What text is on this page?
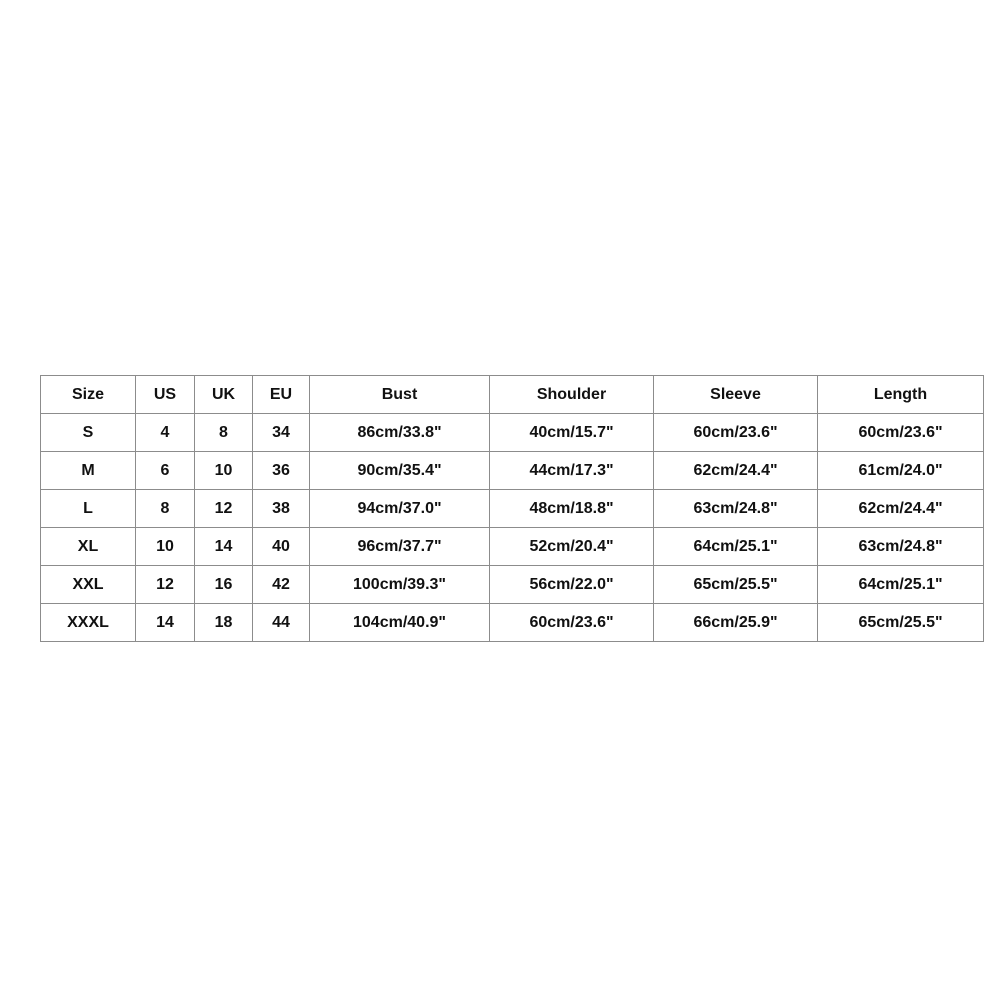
Size	US	UK	EU	Bust	Shoulder	Sleeve	Length
S	4	8	34	86cm/33.8"	40cm/15.7"	60cm/23.6"	60cm/23.6"
M	6	10	36	90cm/35.4"	44cm/17.3"	62cm/24.4"	61cm/24.0"
L	8	12	38	94cm/37.0"	48cm/18.8"	63cm/24.8"	62cm/24.4"
XL	10	14	40	96cm/37.7"	52cm/20.4"	64cm/25.1"	63cm/24.8"
XXL	12	16	42	100cm/39.3"	56cm/22.0"	65cm/25.5"	64cm/25.1"
XXXL	14	18	44	104cm/40.9"	60cm/23.6"	66cm/25.9"	65cm/25.5"
